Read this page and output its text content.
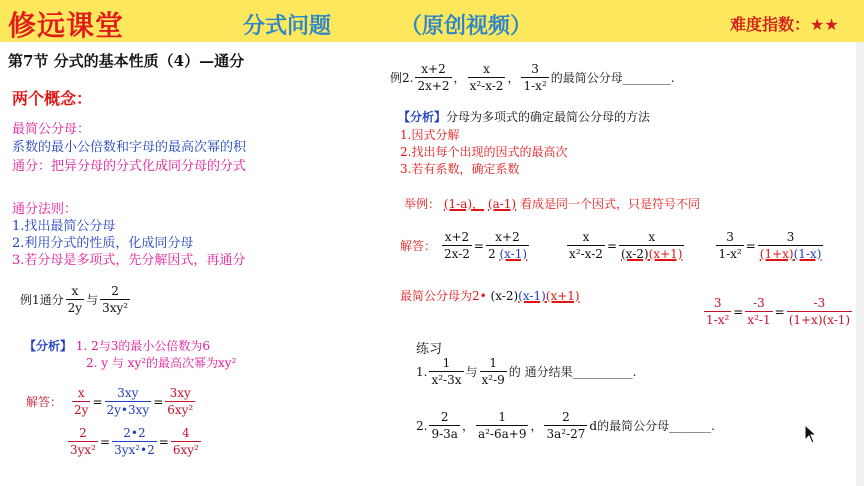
修远课堂	分式问题	（原创视频）	难度指数：★★
第7节 分式的基本性质（4）—通分
两个概念：
最简公分母：
系数的最小公倍数和字母的最高次幂的积
通分：把异分母的分式化成同分母的分式
通分法则：
1.找出最简公分母
2.利用分式的性质，化成同分母
3.若分母是多项式，先分解因式，再通分
例1通分 $\frac{x}{2y}$ 与 $\frac{2}{\text{3xy²}}$
【分析】 1. 2与3的最小公倍数为6
2. y 与 xy²的最高次幂为xy²
解答： $\frac{x}{2y} = \frac{3xy}{2y•3xy} = \frac{3xy}{\text{6xy²}}$
$\frac{2}{\text{3yx²}} = \frac{2•2}{\text{3yx²•2}} = \frac{4}{\text{6xy²}}$
例2. $\frac{x+2}{2x+2}$ ， $\frac{x}{\text{x²-x-2}}$ ， $\frac{3}{\text{1-x²}}$ 的最简公分母________.
【分析】分母为多项式的确定最简公分母的方法
1.因式分解
2.找出每个出现的因式的最高次
3.若有系数，确定系数
举例： (1-a)， (a-1) 看成是同一个因式，只是符号不同
解答： $\frac{x+2}{2x-2} = \frac{x+2}{2 (x-1)}$	$\frac{x}{\text{x²-x-2}} = \frac{x}{(x-2)(x+1)}$	$\frac{3}{\text{1-x²}} = \frac{3}{(1+x)(1-x)}$
最简公分母为2• (x-2)(x-1)(x+1)	$\frac{3}{\text{1-x²}} = \frac{-3}{\text{x²-1}} = \frac{-3}{(1+x)(x-1)}$
练习
1. $\frac{1}{\text{x²-3x}}$ 与 $\frac{1}{\text{x²-9}}$ 的 通分结果__________.
2. $\frac{2}{9-3a}$ ， $\frac{1}{\text{a²-6a+9}}$ ， $\frac{2}{\text{3a²-27}}$ d的最简公分母_______.
